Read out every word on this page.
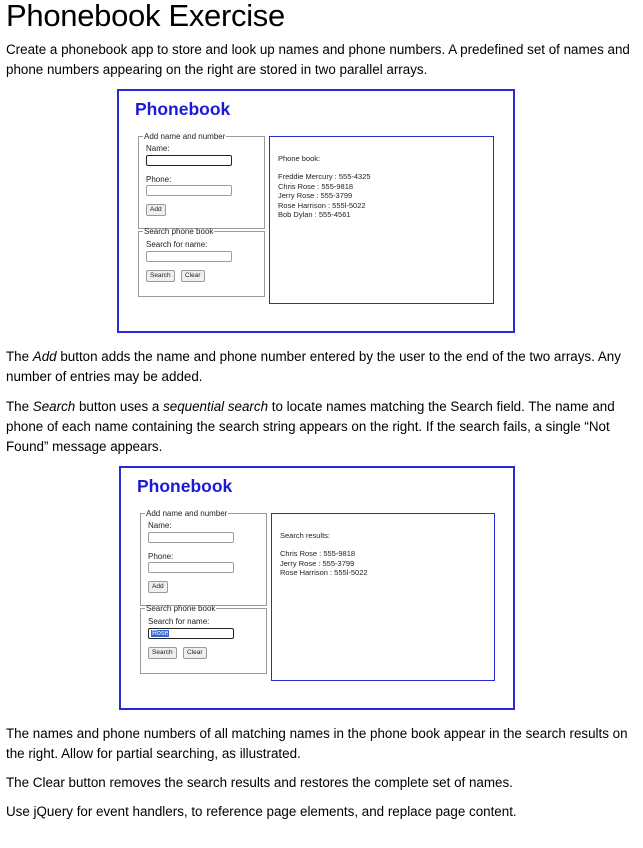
Phonebook Exercise

Create a phonebook app to store and look up names and phone numbers. A predefined set of names and phone numbers appearing on the right are stored in two parallel arrays.

Phonebook
Add name and number
Name:
Phone:
Add
Search phone book
Search for name:
Search	Clear
Phone book:
Freddie Mercury : 555-4325
Chris Rose : 555-9818
Jerry Rose : 555-3799
Rose Harrison : 555l-5022
Bob Dylan : 555-4561

The Add button adds the name and phone number entered by the user to the end of the two arrays. Any number of entries may be added.

The Search button uses a sequential search to locate names matching the Search field. The name and phone of each name containing the search string appears on the right. If the search fails, a single “Not Found” message appears.

Phonebook
Add name and number
Name:
Phone:
Add
Search phone book
Search for name:
Rose
Search	Clear
Search results:
Chris Rose : 555-9818
Jerry Rose : 555-3799
Rose Harrison : 555l-5022

The names and phone numbers of all matching names in the phone book appear in the search results on the right. Allow for partial searching, as illustrated.

The Clear button removes the search results and restores the complete set of names.

Use jQuery for event handlers, to reference page elements, and replace page content.
